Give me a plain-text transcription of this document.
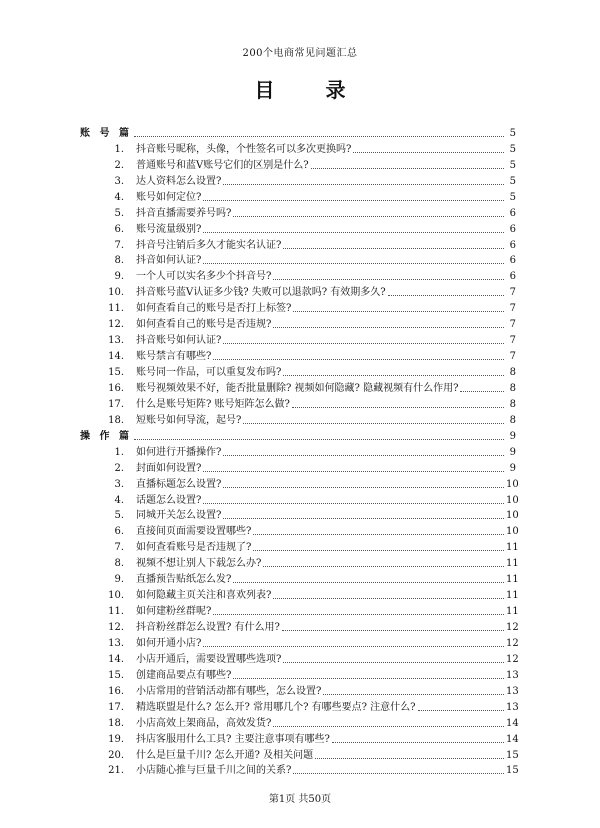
200个电商常见问题汇总
目 录
账 号 篇	5
1. 抖音账号昵称，头像，个性签名可以多次更换吗?	5
2. 普通账号和蓝V账号它们的区别是什么?	5
3. 达人资料怎么设置?	5
4. 账号如何定位?	5
5. 抖音直播需要养号吗?	6
6. 账号流量级别?	6
7. 抖音号注销后多久才能实名认证?	6
8. 抖音如何认证?	6
9. 一个人可以实名多少个抖音号?	6
10. 抖音账号蓝V认证多少钱? 失败可以退款吗? 有效期多久?	7
11. 如何查看自己的账号是否打上标签?	7
12. 如何查看自己的账号是否违规?	7
13. 抖音账号如何认证?	7
14. 账号禁言有哪些?	7
15. 账号同一作品，可以重复发布吗?	8
16. 账号视频效果不好，能否批量删除? 视频如何隐藏? 隐藏视频有什么作用?	8
17. 什么是账号矩阵? 账号矩阵怎么做?	8
18. 短账号如何导流，起号?	8
操 作 篇	9
1. 如何进行开播操作?	9
2. 封面如何设置?	9
3. 直播标题怎么设置?	10
4. 话题怎么设置?	10
5. 同城开关怎么设置?	10
6. 直接间页面需要设置哪些?	10
7. 如何查看账号是否违规了?	11
8. 视频不想让别人下载怎么办?	11
9. 直播预告贴纸怎么发?	11
10. 如何隐藏主页关注和喜欢列表?	11
11. 如何建粉丝群呢?	11
12. 抖音粉丝群怎么设置? 有什么用?	12
13. 如何开通小店?	12
14. 小店开通后，需要设置哪些选项?	12
15. 创建商品要点有哪些?	13
16. 小店常用的营销活动都有哪些，怎么设置?	13
17. 精选联盟是什么? 怎么开? 常用哪几个? 有哪些要点? 注意什么?	13
18. 小店高效上架商品，高效发货?	14
19. 抖店客服用什么工具? 主要注意事项有哪些?	14
20. 什么是巨量千川? 怎么开通? 及相关问题	15
21. 小店随心推与巨量千川之间的关系?	15
第1页 共50页
